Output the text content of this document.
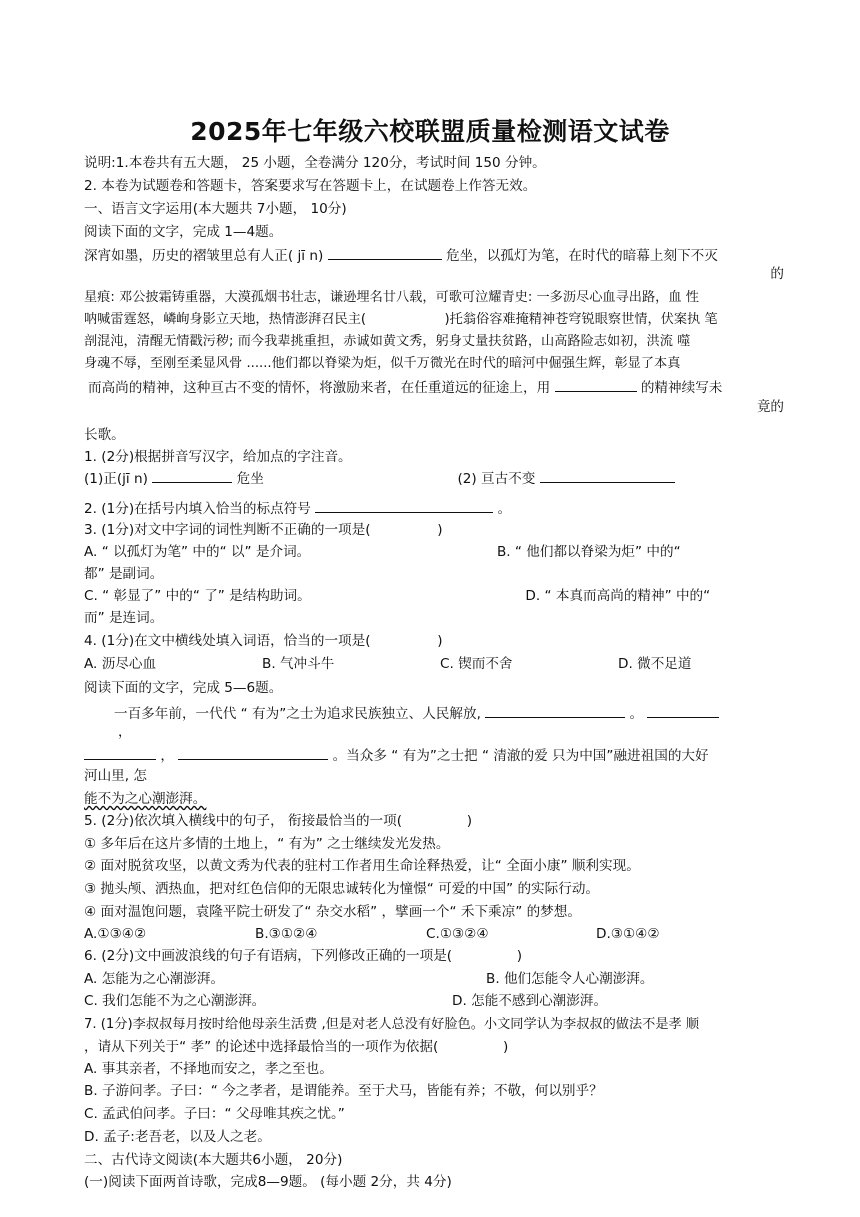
2025年七年级六校联盟质量检测语文试卷
说明:1.本卷共有五大题， 25 小题，全卷满分 120分，考试时间 150 分钟。
2. 本卷为试题卷和答题卡，答案要求写在答题卡上，在试题卷上作答无效。
一、语言文字运用(本大题共 7小题， 10分)
阅读下面的文字，完成 1—4题。
深宵如墨，历史的褶皱里总有人正( jī n)	危坐，以孤灯为笔，在时代的暗幕上刻下不灭
的
星痕: 邓公披霜铸重器，大漠孤烟书壮志，谦逊埋名廿八载，可歌可泣耀青史: 一多沥尽心血寻出路，血 性
呐喊雷霆怒，嶙峋身影立天地，热情澎湃召民主(	)托翁俗容难掩精神苍穹锐眼察世情，伏案执 笔
剖混沌，清醒无情戳污秽; 而今我辈挑重担，赤诚如黄文秀，躬身丈量扶贫路，山高路险志如初，洪流 噬
身魂不辱，至刚至柔显风骨 ......他们都以脊梁为炬，似千万微光在时代的暗河中倔强生辉，彰显了本真
而高尚的精神，这种亘古不变的情怀，将激励来者，在任重道远的征途上，用	的精神续写未
竟的
长歌。
1. (2分)根据拼音写汉字，给加点的字注音。
(1)正(jī n)	危坐	(2) 亘古不变
2. (1分)在括号内填入恰当的标点符号	。
3. (1分)对文中字词的词性判断不正确的一项是(	)
A. “ 以孤灯为笔” 中的“ 以” 是介词。	B. “ 他们都以脊梁为炬” 中的“
都” 是副词。
C. “ 彰显了” 中的“ 了” 是结构助词。	D. “ 本真而高尚的精神” 中的“
而” 是连词。
4. (1分)在文中横线处填入词语，恰当的一项是(	)
A. 沥尽心血	B. 气冲斗牛	C. 锲而不舍	D. 微不足道
阅读下面的文字，完成 5—6题。
一百多年前，一代代 “ 有为”之士为追求民族独立、人民解放,	。
，
，	。当众多 “ 有为”之士把 “ 清澈的爱 只为中国”融进祖国的大好
河山里, 怎
能不为之心潮澎湃。
5. (2分)依次填入横线中的句子， 衔接最恰当的一项(	)
① 多年后在这片多情的土地上，“ 有为” 之士继续发光发热。
② 面对脱贫攻坚，以黄文秀为代表的驻村工作者用生命诠释热爱，让“ 全面小康” 顺利实现。
③ 抛头颅、洒热血，把对红色信仰的无限忠诚转化为憧憬“ 可爱的中国” 的实际行动。
④ 面对温饱问题，袁隆平院士研发了“ 杂交水稻” ，擘画一个“ 禾下乘凉” 的梦想。
A.①③④②	B.③①②④	C.①③②④	D.③①④②
6. (2分)文中画波浪线的句子有语病，下列修改正确的一项是(	)
A. 怎能为之心潮澎湃。	B. 他们怎能令人心潮澎湃。
C. 我们怎能不为之心潮澎湃。	D. 怎能不感到心潮澎湃。
7. (1分)李叔叔每月按时给他母亲生活费 ,但是对老人总没有好脸色。小文同学认为李叔叔的做法不是孝 顺
，请从下列关于“ 孝” 的论述中选择最恰当的一项作为依据(	)
A. 事其亲者，不择地而安之，孝之至也。
B. 子游问孝。子曰：“ 今之孝者，是谓能养。至于犬马，皆能有养；不敬，何以别乎？
C. 孟武伯问孝。子曰：“ 父母唯其疾之忧。”
D. 孟子:老吾老，以及人之老。
二、古代诗文阅读(本大题共6小题， 20分)
(一)阅读下面两首诗歌，完成8—9题。 (每小题 2分，共 4分)
